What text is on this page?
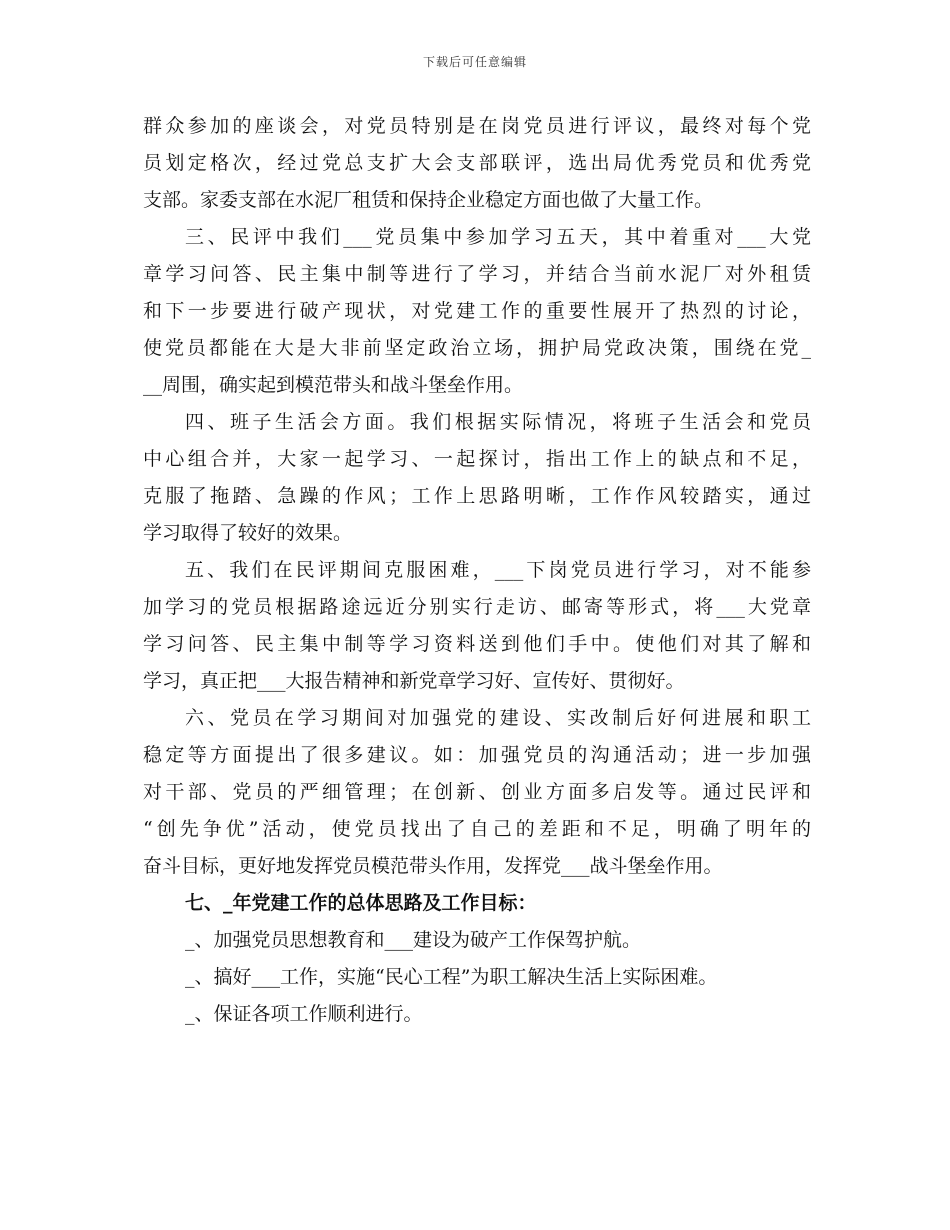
下载后可任意编辑
群众参加的座谈会，对党员特别是在岗党员进行评议，最终对每个党
员划定格次，经过党总支扩大会支部联评，选出局优秀党员和优秀党
支部。家委支部在水泥厂租赁和保持企业稳定方面也做了大量工作。
三、民评中我们___党员集中参加学习五天，其中着重对___大党
章学习问答、民主集中制等进行了学习，并结合当前水泥厂对外租赁
和下一步要进行破产现状，对党建工作的重要性展开了热烈的讨论，
使党员都能在大是大非前坚定政治立场，拥护局党政决策，围绕在党_
__周围，确实起到模范带头和战斗堡垒作用。
四、班子生活会方面。我们根据实际情况，将班子生活会和党员
中心组合并，大家一起学习、一起探讨，指出工作上的缺点和不足，
克服了拖踏、急躁的作风；工作上思路明晰，工作作风较踏实，通过
学习取得了较好的效果。
五、我们在民评期间克服困难，___下岗党员进行学习，对不能参
加学习的党员根据路途远近分别实行走访、邮寄等形式，将___大党章
学习问答、民主集中制等学习资料送到他们手中。使他们对其了解和
学习，真正把___大报告精神和新党章学习好、宣传好、贯彻好。
六、党员在学习期间对加强党的建设、实改制后好何进展和职工
稳定等方面提出了很多建议。如：加强党员的沟通活动；进一步加强
对干部、党员的严细管理；在创新、创业方面多启发等。通过民评和
“创先争优”活动，使党员找出了自己的差距和不足，明确了明年的
奋斗目标，更好地发挥党员模范带头作用，发挥党___战斗堡垒作用。
七、_年党建工作的总体思路及工作目标：
_、加强党员思想教育和___建设为破产工作保驾护航。
_、搞好___工作，实施“民心工程”为职工解决生活上实际困难。
_、保证各项工作顺利进行。
